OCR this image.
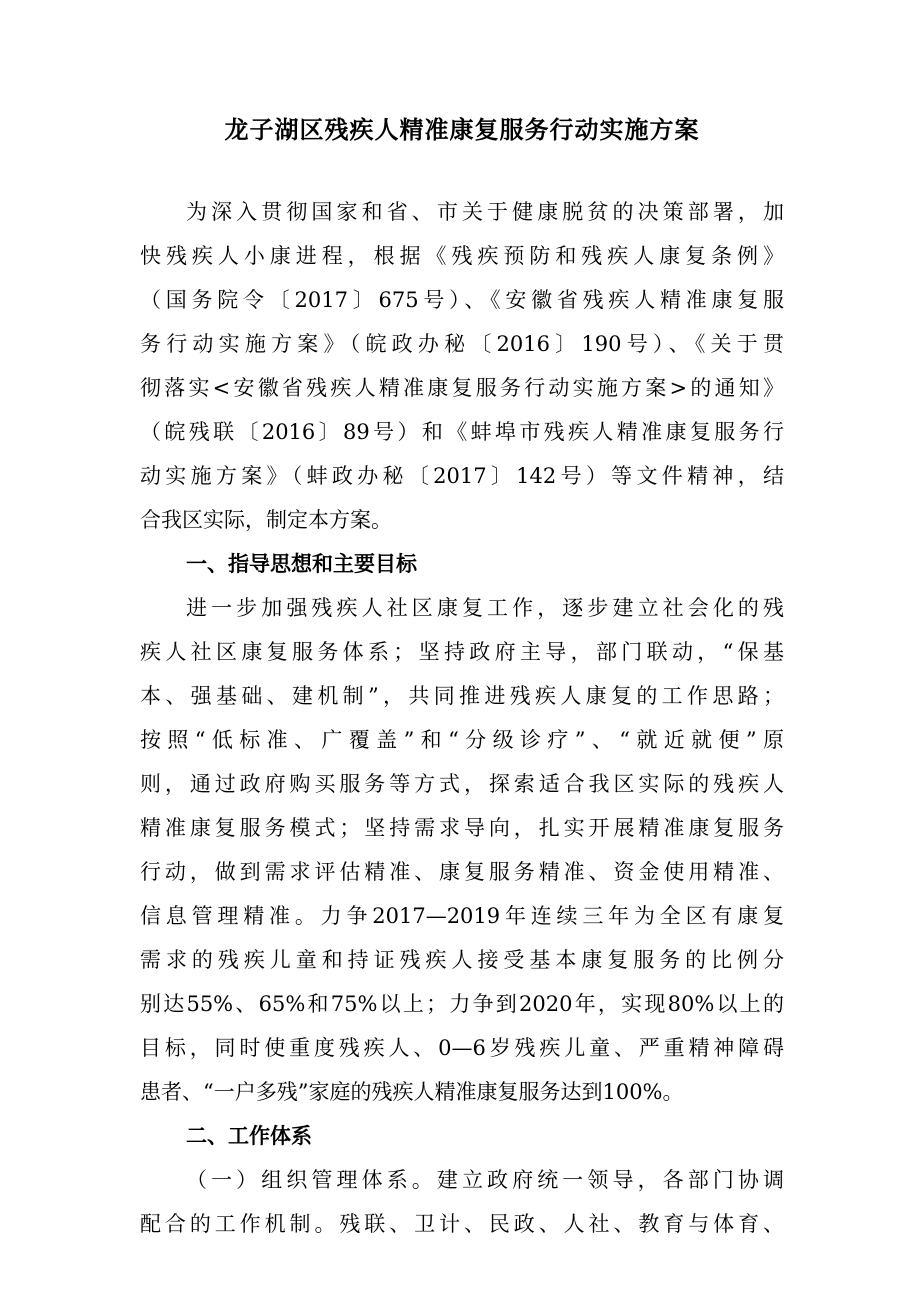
龙子湖区残疾人精准康复服务行动实施方案
为深入贯彻国家和省、市关于健康脱贫的决策部署，加
快残疾人小康进程，根据《残疾预防和残疾人康复条例》
（国务院令〔2017〕675号）、《安徽省残疾人精准康复服
务行动实施方案》（皖政办秘〔2016〕190号）、《关于贯
彻落实<安徽省残疾人精准康复服务行动实施方案>的通知》
（皖残联〔2016〕89号）和《蚌埠市残疾人精准康复服务行
动实施方案》（蚌政办秘〔2017〕142号）等文件精神，结
合我区实际，制定本方案。
一、指导思想和主要目标
进一步加强残疾人社区康复工作，逐步建立社会化的残
疾人社区康复服务体系；坚持政府主导，部门联动，“保基
本、强基础、建机制”，共同推进残疾人康复的工作思路；
按照“低标准、广覆盖”和“分级诊疗”、“就近就便”原
则，通过政府购买服务等方式，探索适合我区实际的残疾人
精准康复服务模式；坚持需求导向，扎实开展精准康复服务
行动，做到需求评估精准、康复服务精准、资金使用精准、
信息管理精准。力争2017—2019年连续三年为全区有康复
需求的残疾儿童和持证残疾人接受基本康复服务的比例分
别达55%、65%和75%以上；力争到2020年，实现80%以上的
目标，同时使重度残疾人、0—6岁残疾儿童、严重精神障碍
患者、“一户多残”家庭的残疾人精准康复服务达到100%。
二、工作体系
（一）组织管理体系。建立政府统一领导，各部门协调
配合的工作机制。残联、卫计、民政、人社、教育与体育、
